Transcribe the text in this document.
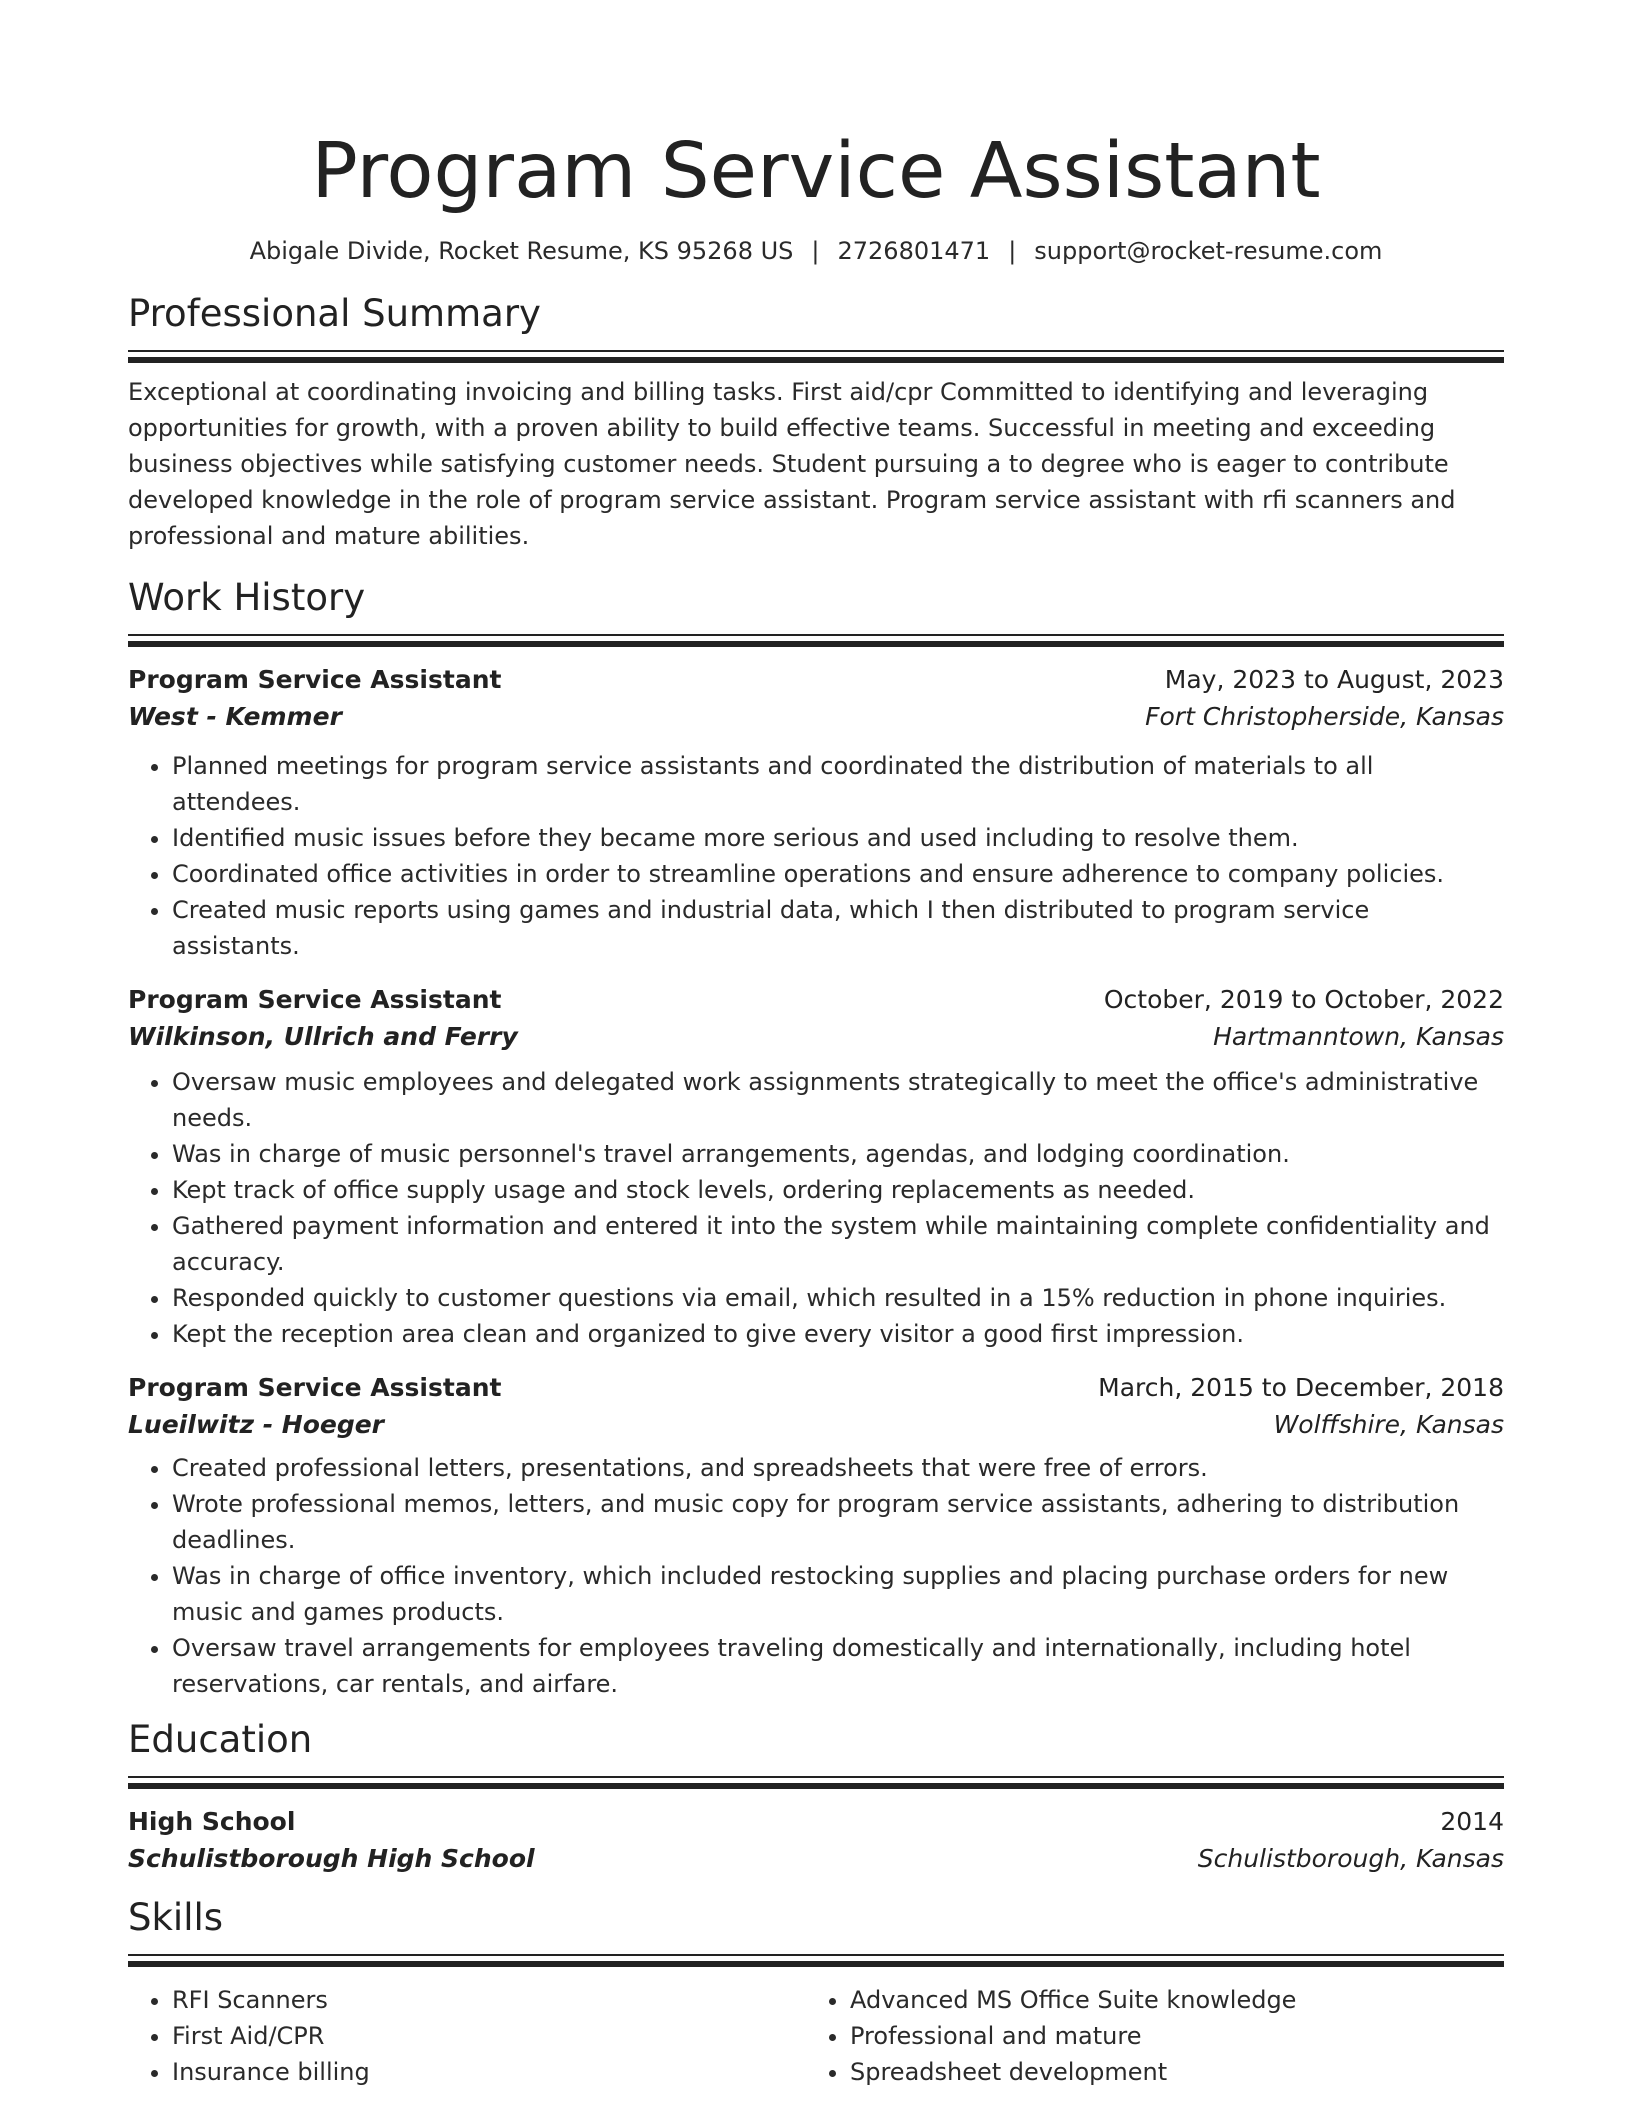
Program Service Assistant
Abigale Divide, Rocket Resume, KS 95268 US | 2726801471 | support@rocket-resume.com
Professional Summary
Exceptional at coordinating invoicing and billing tasks. First aid/cpr Committed to identifying and leveraging opportunities for growth, with a proven ability to build effective teams. Successful in meeting and exceeding business objectives while satisfying customer needs. Student pursuing a to degree who is eager to contribute developed knowledge in the role of program service assistant. Program service assistant with rfi scanners and professional and mature abilities.
Work History
Program Service Assistant	May, 2023 to August, 2023
West - Kemmer	Fort Christopherside, Kansas
• Planned meetings for program service assistants and coordinated the distribution of materials to all attendees.
• Identified music issues before they became more serious and used including to resolve them.
• Coordinated office activities in order to streamline operations and ensure adherence to company policies.
• Created music reports using games and industrial data, which I then distributed to program service assistants.
Program Service Assistant	October, 2019 to October, 2022
Wilkinson, Ullrich and Ferry	Hartmanntown, Kansas
• Oversaw music employees and delegated work assignments strategically to meet the office's administrative needs.
• Was in charge of music personnel's travel arrangements, agendas, and lodging coordination.
• Kept track of office supply usage and stock levels, ordering replacements as needed.
• Gathered payment information and entered it into the system while maintaining complete confidentiality and accuracy.
• Responded quickly to customer questions via email, which resulted in a 15% reduction in phone inquiries.
• Kept the reception area clean and organized to give every visitor a good first impression.
Program Service Assistant	March, 2015 to December, 2018
Lueilwitz - Hoeger	Wolffshire, Kansas
• Created professional letters, presentations, and spreadsheets that were free of errors.
• Wrote professional memos, letters, and music copy for program service assistants, adhering to distribution deadlines.
• Was in charge of office inventory, which included restocking supplies and placing purchase orders for new music and games products.
• Oversaw travel arrangements for employees traveling domestically and internationally, including hotel reservations, car rentals, and airfare.
Education
High School	2014
Schulistborough High School	Schulistborough, Kansas
Skills
• RFI Scanners
• First Aid/CPR
• Insurance billing
• Advanced MS Office Suite knowledge
• Professional and mature
• Spreadsheet development
